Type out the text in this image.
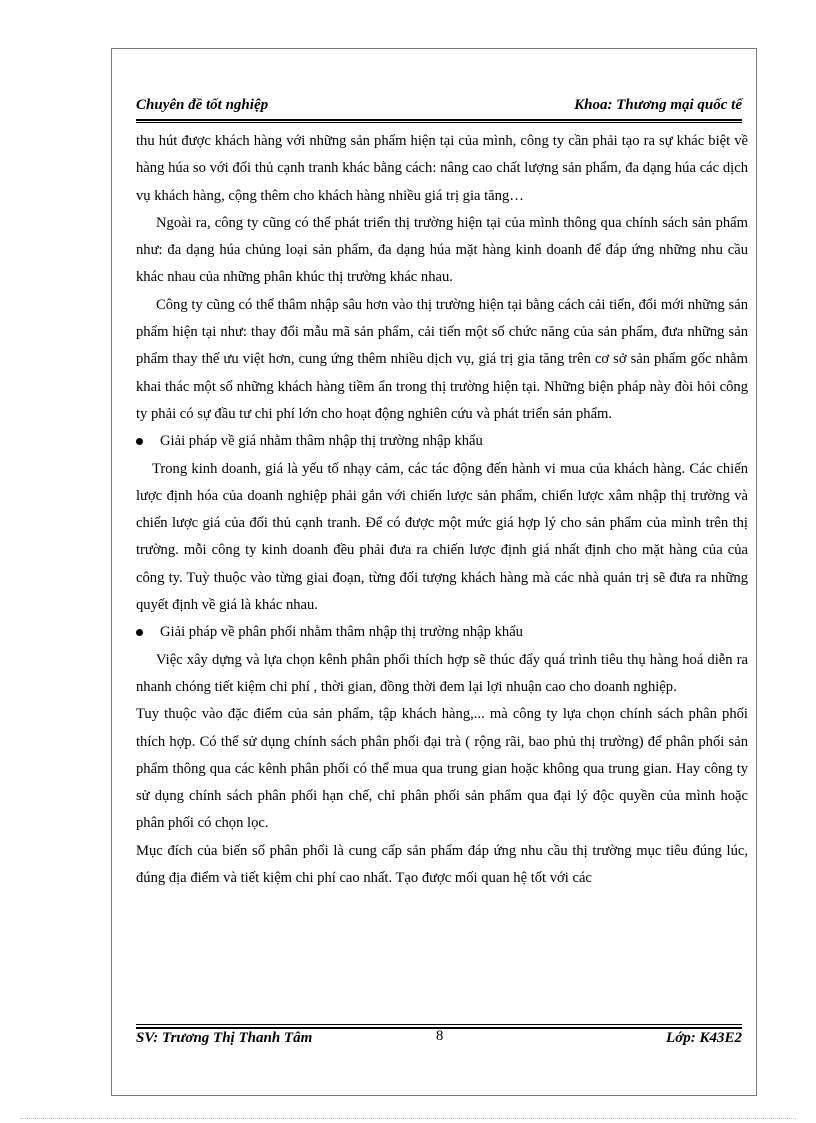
Chuyên đề tốt nghiệp	Khoa: Thương mại quốc tế

thu hút được khách hàng với những sản phẩm hiện tại của mình, công ty cần phải tạo ra sự khác biệt về hàng húa so với đối thủ cạnh tranh khác bằng cách: nâng cao chất lượng sản phẩm, đa dạng húa các dịch vụ khách hàng, cộng thêm cho khách hàng nhiều giá trị gia tăng…

Ngoài ra, công ty cũng có thể phát triển thị trường hiện tại của mình thông qua chính sách sản phẩm như: đa dạng húa chủng loại sản phẩm, đa dạng húa mặt hàng kinh doanh để đáp ứng những nhu cầu khác nhau của những phân khúc thị trường khác nhau.

Công ty cũng có thể thâm nhập sâu hơn vào thị trường hiện tại bằng cách cải tiến, đổi mới những sản phẩm hiện tại như: thay đổi mẫu mã sản phẩm, cải tiến một số chức năng của sản phẩm, đưa những sản phẩm thay thế ưu việt hơn, cung ứng thêm nhiều dịch vụ, giá trị gia tăng trên cơ sở sản phẩm gốc nhằm khai thác một số những khách hàng tiềm ẩn trong thị trường hiện tại. Những biện pháp này đòi hỏi công ty phải có sự đầu tư chi phí lớn cho hoạt động nghiên cứu và phát triển sản phẩm.

Giải pháp về giá nhằm thâm nhập thị trường nhập khẩu

Trong kinh doanh, giá là yếu tố nhạy cảm, các tác động đến hành vi mua của khách hàng. Các chiến lược định hóa của doanh nghiệp phải gắn với chiến lược sản phẩm, chiến lược xâm nhập thị trường và chiến lược giá của đối thủ cạnh tranh. Để có được một mức giá hợp lý cho sản phẩm của mình trên thị trường. mỗi công ty kinh doanh đều phải đưa ra chiến lược định giá nhất định cho mặt hàng của của công ty. Tuỳ thuộc vào từng giai đoạn, từng đối tượng khách hàng mà các nhà quản trị sẽ đưa ra những quyết định về giá là khác nhau.

Giải pháp về phân phối nhằm thâm nhập thị trường nhập khẩu

Việc xây dựng và lựa chọn kênh phân phối thích hợp sẽ thúc đẩy quá trình tiêu thụ hàng hoá diễn ra nhanh chóng tiết kiệm chi phí , thời gian, đồng thời đem lại lợi nhuận cao cho doanh nghiệp.

Tuy thuộc vào đặc điểm của sản phẩm, tập khách hàng,... mà công ty lựa chọn chính sách phân phối thích hợp. Có thể sử dụng chính sách phân phối đại trà ( rộng rãi, bao phủ thị trường) để phân phối sản phẩm thông qua các kênh phân phối có thể mua qua trung gian hoặc không qua trung gian. Hay công ty sử dụng chính sách phân phối hạn chế, chỉ phân phối sản phẩm qua đại lý độc quyền của mình hoặc phân phối có chọn lọc.

Mục đích của biến số phân phối là cung cấp sản phẩm đáp ứng nhu cầu thị trường mục tiêu đúng lúc, đúng địa điểm và tiết kiệm chi phí cao nhất. Tạo được mối quan hệ tốt với các

SV: Trương Thị Thanh Tâm	8	Lớp: K43E2
